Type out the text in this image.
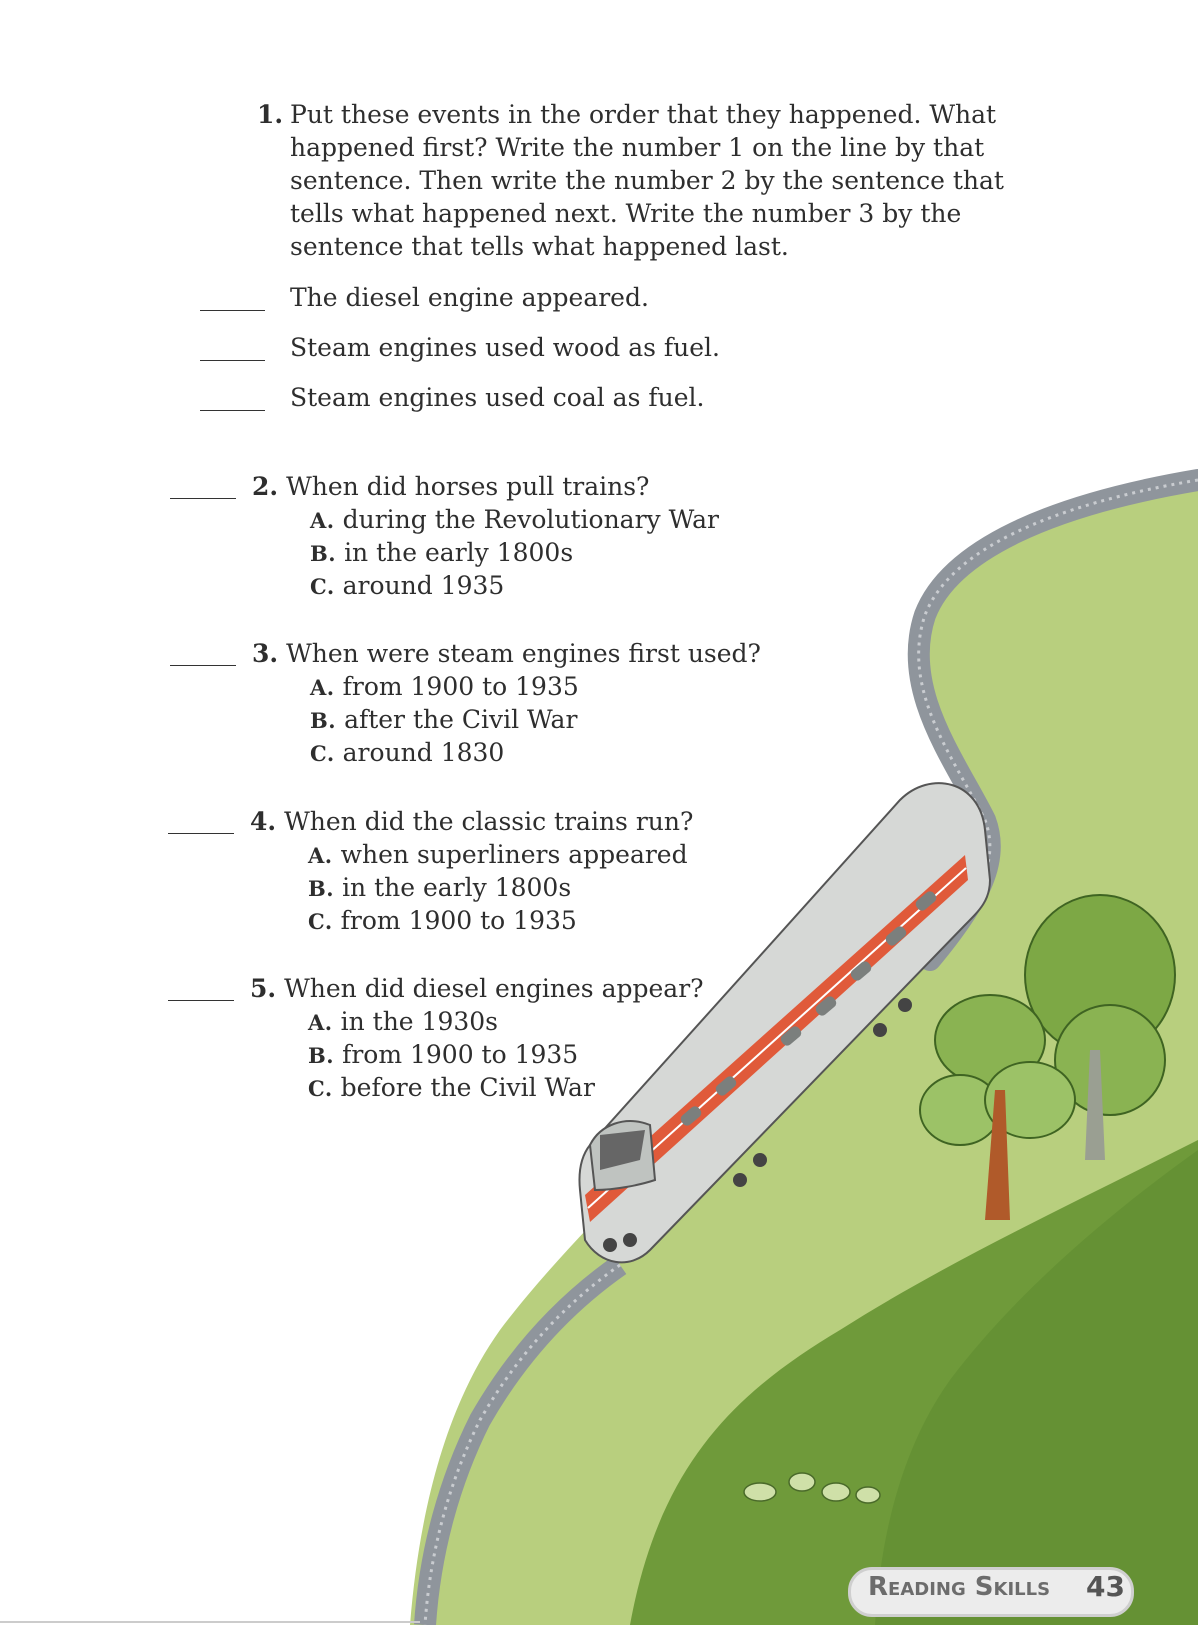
1. Put these events in the order that they happened. What
happened first? Write the number 1 on the line by that
sentence. Then write the number 2 by the sentence that
tells what happened next. Write the number 3 by the
sentence that tells what happened last.
The diesel engine appeared.
Steam engines used wood as fuel.
Steam engines used coal as fuel.
2. When did horses pull trains?
A. during the Revolutionary War
B. in the early 1800s
C. around 1935
3. When were steam engines first used?
A. from 1900 to 1935
B. after the Civil War
C. around 1830
4. When did the classic trains run?
A. when superliners appeared
B. in the early 1800s
C. from 1900 to 1935
5. When did diesel engines appear?
A. in the 1930s
B. from 1900 to 1935
C. before the Civil War
Reading Skills 43
